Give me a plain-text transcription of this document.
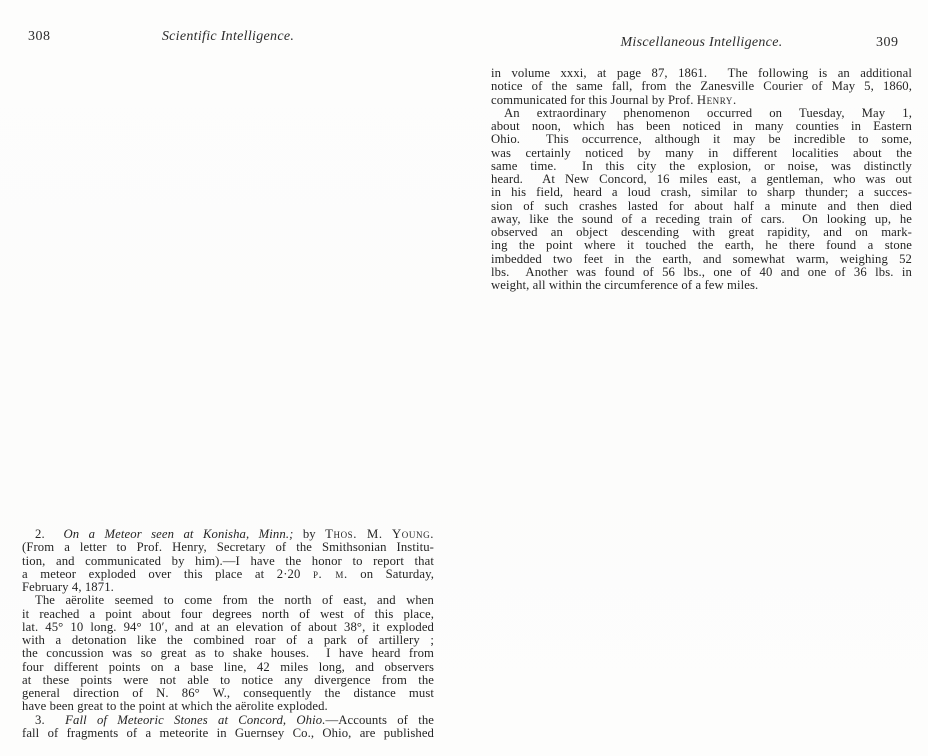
308	Scientific Intelligence.
2.  On a Meteor seen at Konisha, Minn.; by Thos. M. Young.
(From a letter to Prof. Henry, Secretary of the Smithsonian Institu-
tion, and communicated by him).—I have the honor to report that
a meteor exploded over this place at 2·20 p. m. on Saturday,
February 4, 1871.
The aërolite seemed to come from the north of east, and when
it reached a point about four degrees north of west of this place,
lat. 45° 10 long. 94° 10′, and at an elevation of about 38°, it exploded
with a detonation like the combined roar of a park of artillery ;
the concussion was so great as to shake houses.  I have heard from
four different points on a base line, 42 miles long, and observers
at these points were not able to notice any divergence from the
general direction of N. 86° W., consequently the distance must
have been great to the point at which the aërolite exploded.
3.  Fall of Meteoric Stones at Concord, Ohio.—Accounts of the
fall of fragments of a meteorite in Guernsey Co., Ohio, are published
Miscellaneous Intelligence.	309
in volume xxxi, at page 87, 1861.  The following is an additional
notice of the same fall, from the Zanesville Courier of May 5, 1860,
communicated for this Journal by Prof. Henry.
An extraordinary phenomenon occurred on Tuesday, May 1,
about noon, which has been noticed in many counties in Eastern
Ohio.  This occurrence, although it may be incredible to some,
was certainly noticed by many in different localities about the
same time.  In this city the explosion, or noise, was distinctly
heard.  At New Concord, 16 miles east, a gentleman, who was out
in his field, heard a loud crash, similar to sharp thunder; a succes-
sion of such crashes lasted for about half a minute and then died
away, like the sound of a receding train of cars.  On looking up, he
observed an object descending with great rapidity, and on mark-
ing the point where it touched the earth, he there found a stone
imbedded two feet in the earth, and somewhat warm, weighing 52
lbs.  Another was found of 56 lbs., one of 40 and one of 36 lbs. in
weight, all within the circumference of a few miles.
